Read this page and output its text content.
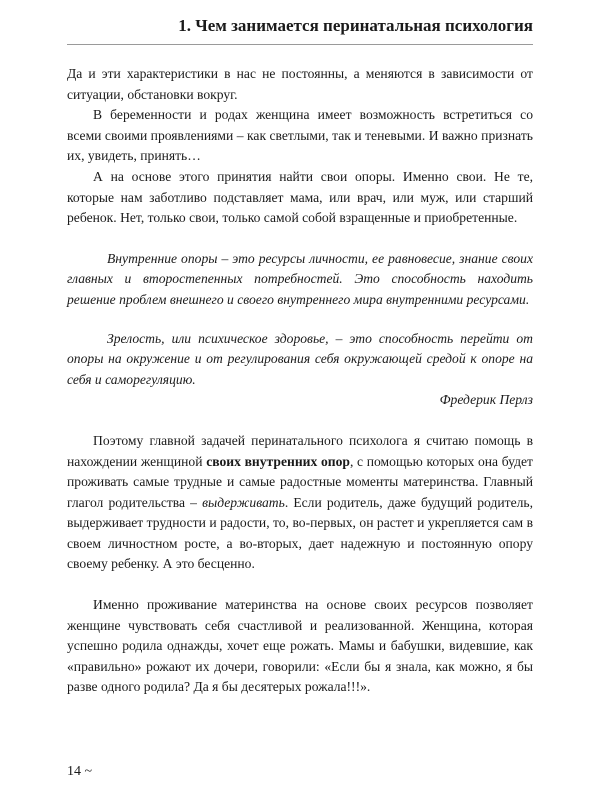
1. Чем занимается перинатальная психология

Да и эти характеристики в нас не постоянны, а меняются в зависимости от ситуации, обстановки вокруг.

В беременности и родах женщина имеет возможность встретиться со всеми своими проявлениями – как светлыми, так и теневыми. И важно признать их, увидеть, принять…

А на основе этого принятия найти свои опоры. Именно свои. Не те, которые нам заботливо подставляет мама, или врач, или муж, или старший ребенок. Нет, только свои, только самой собой взращенные и приобретенные.

Внутренние опоры – это ресурсы личности, ее равновесие, знание своих главных и второстепенных потребностей. Это способность находить решение проблем внешнего и своего внутреннего мира внутренними ресурсами.

Зрелость, или психическое здоровье, – это способность перейти от опоры на окружение и от регулирования себя окружающей средой к опоре на себя и саморегуляцию.

Фредерик Перлз

Поэтому главной задачей перинатального психолога я считаю помощь в нахождении женщиной своих внутренних опор, с помощью которых она будет проживать самые трудные и самые радостные моменты материнства. Главный глагол родительства – выдерживать. Если родитель, даже будущий родитель, выдерживает трудности и радости, то, во-первых, он растет и укрепляется сам в своем личностном росте, а во-вторых, дает надежную и постоянную опору своему ребенку. А это бесценно.

Именно проживание материнства на основе своих ресурсов позволяет женщине чувствовать себя счастливой и реализованной. Женщина, которая успешно родила однажды, хочет еще рожать. Мамы и бабушки, видевшие, как «правильно» рожают их дочери, говорили: «Если бы я знала, как можно, я бы разве одного родила? Да я бы десятерых рожала!!!».

14 ~
